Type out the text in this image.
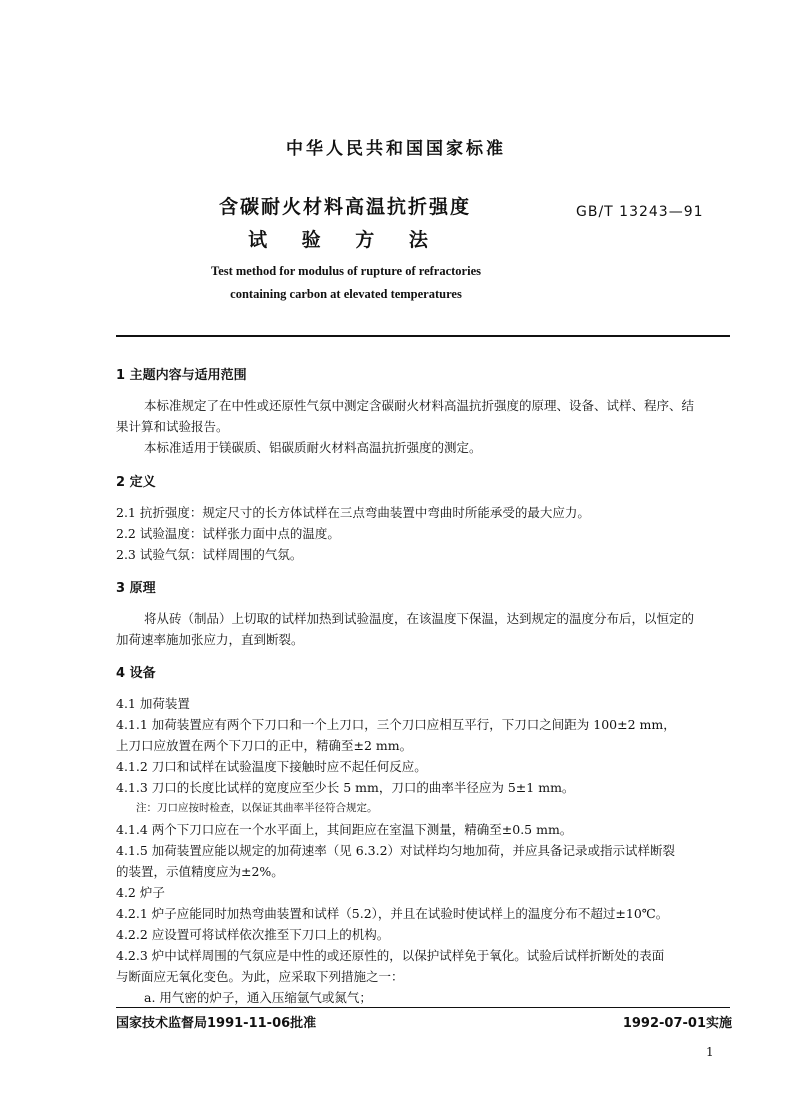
中华人民共和国国家标准
含碳耐火材料高温抗折强度
试 验 方 法
GB/T 13243—91
Test method for modulus of rupture of refractories
containing carbon at elevated temperatures
1 主题内容与适用范围
本标准规定了在中性或还原性气氛中测定含碳耐火材料高温抗折强度的原理、设备、试样、程序、结
果计算和试验报告。
本标准适用于镁碳质、铝碳质耐火材料高温抗折强度的测定。
2 定义
2.1 抗折强度：规定尺寸的长方体试样在三点弯曲装置中弯曲时所能承受的最大应力。
2.2 试验温度：试样张力面中点的温度。
2.3 试验气氛：试样周围的气氛。
3 原理
将从砖（制品）上切取的试样加热到试验温度，在该温度下保温，达到规定的温度分布后，以恒定的
加荷速率施加张应力，直到断裂。
4 设备
4.1 加荷装置
4.1.1 加荷装置应有两个下刀口和一个上刀口，三个刀口应相互平行，下刀口之间距为 100±2 mm，
上刀口应放置在两个下刀口的正中，精确至±2 mm。
4.1.2 刀口和试样在试验温度下接触时应不起任何反应。
4.1.3 刀口的长度比试样的宽度应至少长 5 mm，刀口的曲率半径应为 5±1 mm。
注：刀口应按时检查，以保证其曲率半径符合规定。
4.1.4 两个下刀口应在一个水平面上，其间距应在室温下测量，精确至±0.5 mm。
4.1.5 加荷装置应能以规定的加荷速率（见 6.3.2）对试样均匀地加荷，并应具备记录或指示试样断裂
的装置，示值精度应为±2%。
4.2 炉子
4.2.1 炉子应能同时加热弯曲装置和试样（5.2），并且在试验时使试样上的温度分布不超过±10℃。
4.2.2 应设置可将试样依次推至下刀口上的机构。
4.2.3 炉中试样周围的气氛应是中性的或还原性的，以保护试样免于氧化。试验后试样折断处的表面
与断面应无氧化变色。为此，应采取下列措施之一：
a. 用气密的炉子，通入压缩氩气或氮气；
国家技术监督局1991-11-06批准	1992-07-01实施
1
